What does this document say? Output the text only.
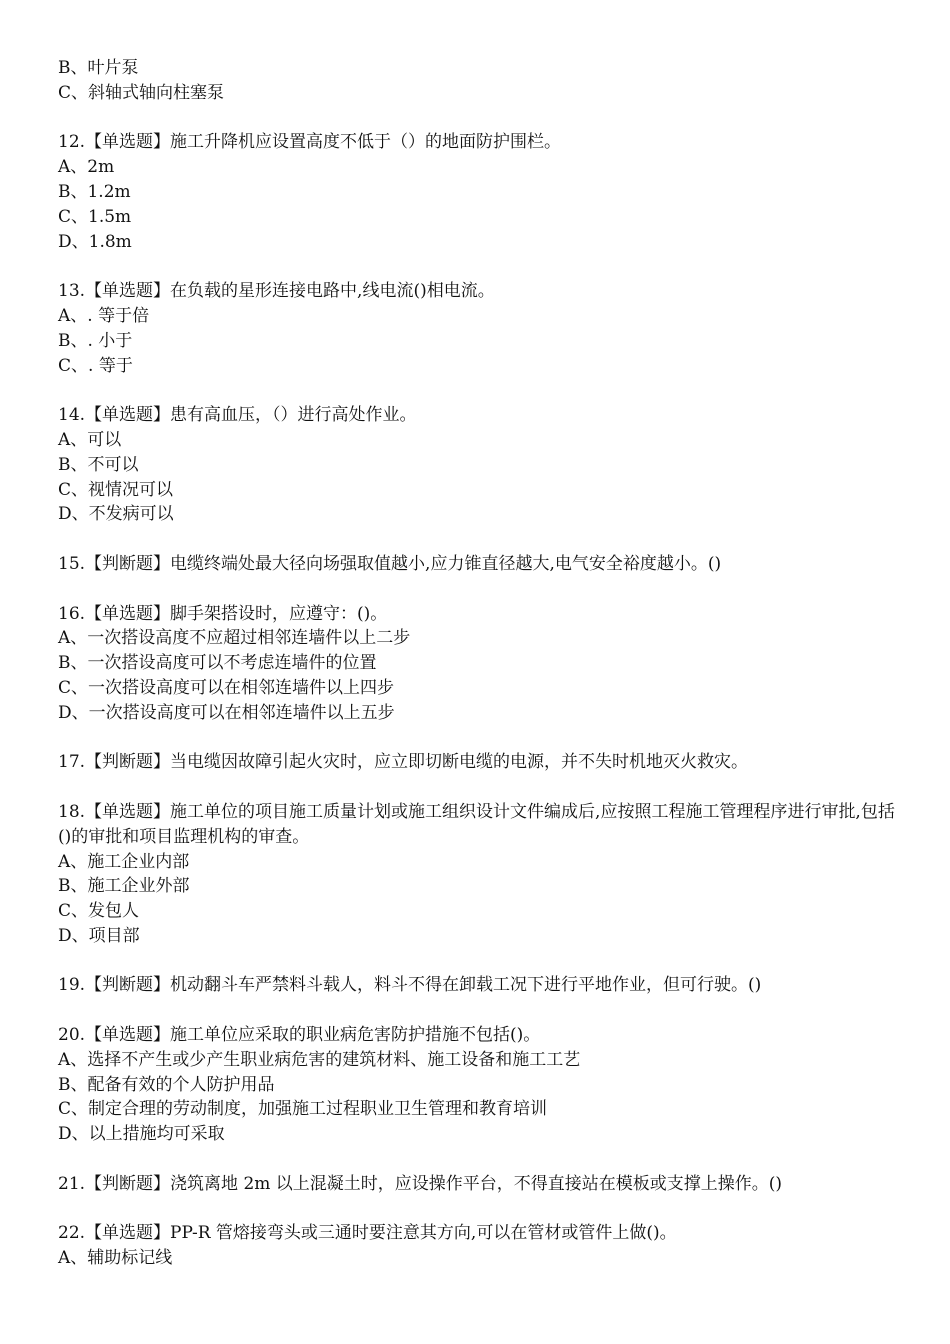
B、叶片泵
C、斜轴式轴向柱塞泵
12.【单选题】施工升降机应设置高度不低于（）的地面防护围栏。
A、2m
B、1.2m
C、1.5m
D、1.8m
13.【单选题】在负载的星形连接电路中,线电流()相电流。
A、. 等于倍
B、. 小于
C、. 等于
14.【单选题】患有高血压，（）进行高处作业。
A、可以
B、不可以
C、视情况可以
D、不发病可以
15.【判断题】电缆终端处最大径向场强取值越小,应力锥直径越大,电气安全裕度越小。()
16.【单选题】脚手架搭设时，应遵守：()。
A、一次搭设高度不应超过相邻连墙件以上二步
B、一次搭设高度可以不考虑连墙件的位置
C、一次搭设高度可以在相邻连墙件以上四步
D、一次搭设高度可以在相邻连墙件以上五步
17.【判断题】当电缆因故障引起火灾时，应立即切断电缆的电源，并不失时机地灭火救灾。
18.【单选题】施工单位的项目施工质量计划或施工组织设计文件编成后,应按照工程施工管理程序进行审批,包括()的审批和项目监理机构的审查。
A、施工企业内部
B、施工企业外部
C、发包人
D、项目部
19.【判断题】机动翻斗车严禁料斗载人，料斗不得在卸载工况下进行平地作业，但可行驶。()
20.【单选题】施工单位应采取的职业病危害防护措施不包括()。
A、选择不产生或少产生职业病危害的建筑材料、施工设备和施工工艺
B、配备有效的个人防护用品
C、制定合理的劳动制度，加强施工过程职业卫生管理和教育培训
D、以上措施均可采取
21.【判断题】浇筑离地 2m 以上混凝土时，应设操作平台，不得直接站在模板或支撑上操作。()
22.【单选题】PP-R 管熔接弯头或三通时要注意其方向,可以在管材或管件上做()。
A、辅助标记线
